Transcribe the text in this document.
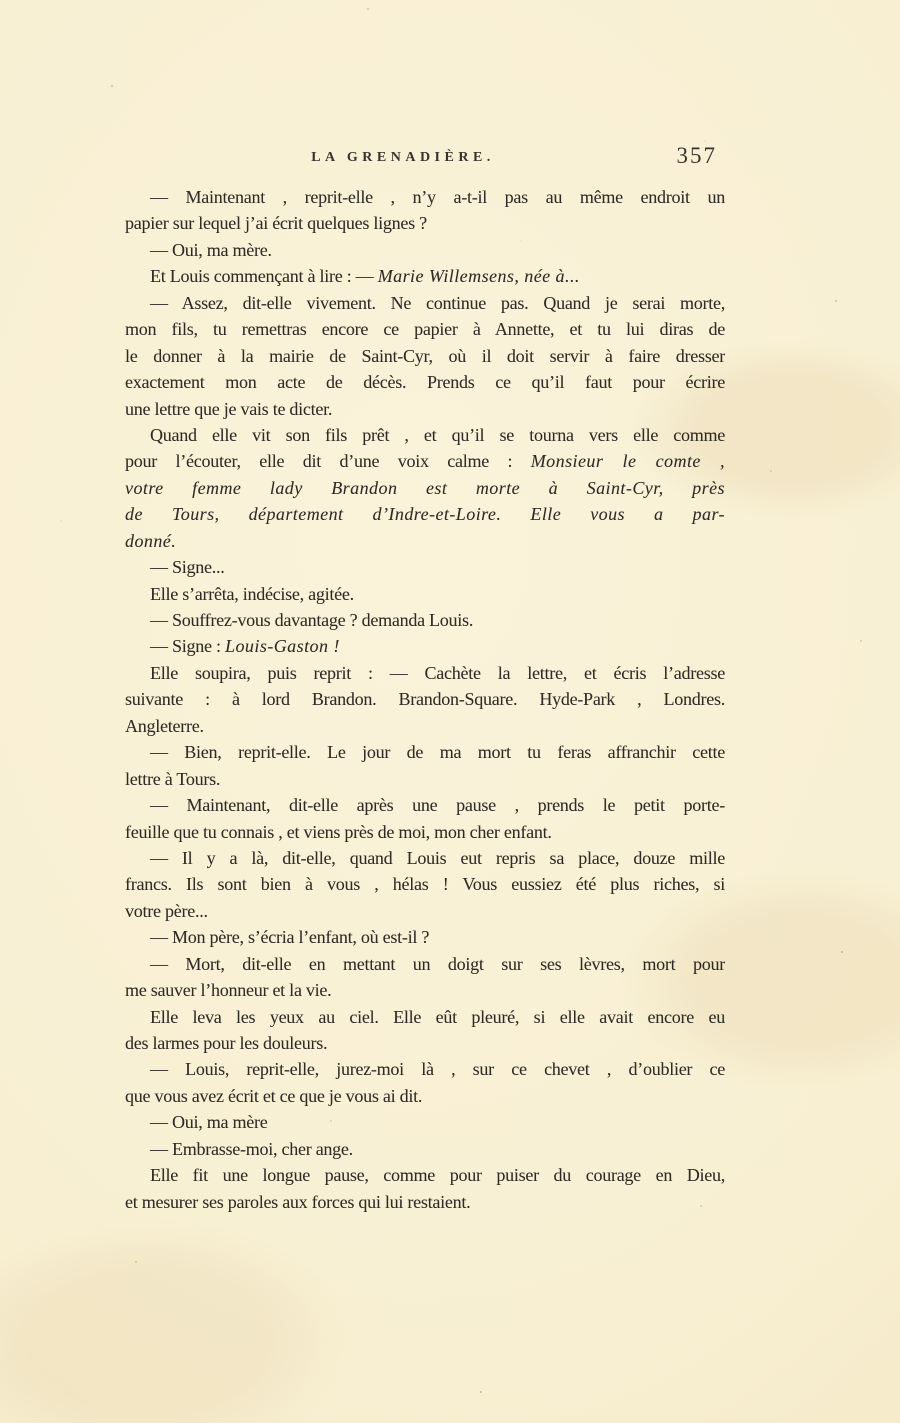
LA GRENADIÈRE.	357
— Maintenant , reprit-elle , n’y a-t-il pas au même endroit un
papier sur lequel j’ai écrit quelques lignes ?
— Oui, ma mère.
Et Louis commençant à lire : — Marie Willemsens, née à...
— Assez, dit-elle vivement. Ne continue pas. Quand je serai morte,
mon fils, tu remettras encore ce papier à Annette, et tu lui diras de
le donner à la mairie de Saint-Cyr, où il doit servir à faire dresser
exactement mon acte de décès. Prends ce qu’il faut pour écrire
une lettre que je vais te dicter.
Quand elle vit son fils prêt , et qu’il se tourna vers elle comme
pour l’écouter, elle dit d’une voix calme : Monsieur le comte ,
votre femme lady Brandon est morte à Saint-Cyr, près
de Tours, département d’Indre-et-Loire. Elle vous a par-
donné.
— Signe...
Elle s’arrêta, indécise, agitée.
— Souffrez-vous davantage ? demanda Louis.
— Signe : Louis-Gaston !
Elle soupira, puis reprit : — Cachète la lettre, et écris l’adresse
suivante : à lord Brandon. Brandon-Square. Hyde-Park , Londres.
Angleterre.
— Bien, reprit-elle. Le jour de ma mort tu feras affranchir cette
lettre à Tours.
— Maintenant, dit-elle après une pause , prends le petit porte-
feuille que tu connais , et viens près de moi, mon cher enfant.
— Il y a là, dit-elle, quand Louis eut repris sa place, douze mille
francs. Ils sont bien à vous , hélas ! Vous eussiez été plus riches, si
votre père...
— Mon père, s’écria l’enfant, où est-il ?
— Mort, dit-elle en mettant un doigt sur ses lèvres, mort pour
me sauver l’honneur et la vie.
Elle leva les yeux au ciel. Elle eût pleuré, si elle avait encore eu
des larmes pour les douleurs.
— Louis, reprit-elle, jurez-moi là , sur ce chevet , d’oublier ce
que vous avez écrit et ce que je vous ai dit.
— Oui, ma mère
— Embrasse-moi, cher ange.
Elle fit une longue pause, comme pour puiser du courage en Dieu,
et mesurer ses paroles aux forces qui lui restaient.
